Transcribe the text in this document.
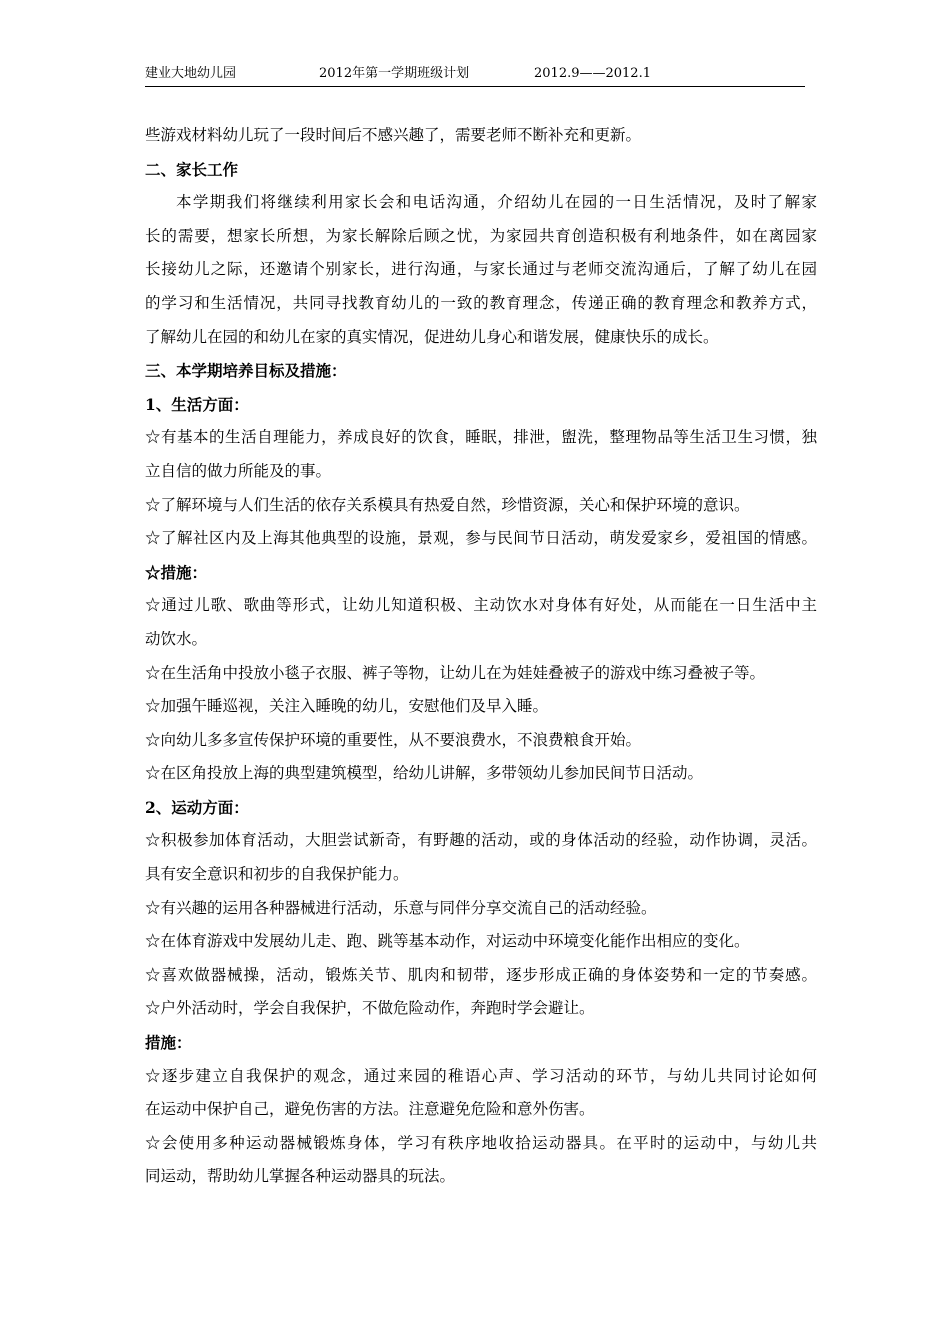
建业大地幼儿园	2012年第一学期班级计划	2012.9——2012.1
些游戏材料幼儿玩了一段时间后不感兴趣了，需要老师不断补充和更新。
二、家长工作
本学期我们将继续利用家长会和电话沟通，介绍幼儿在园的一日生活情况，及时了解家
长的需要，想家长所想，为家长解除后顾之忧，为家园共育创造积极有利地条件，如在离园家
长接幼儿之际，还邀请个别家长，进行沟通，与家长通过与老师交流沟通后，了解了幼儿在园
的学习和生活情况，共同寻找教育幼儿的一致的教育理念，传递正确的教育理念和教养方式，
了解幼儿在园的和幼儿在家的真实情况，促进幼儿身心和谐发展，健康快乐的成长。
三、本学期培养目标及措施：
1、生活方面：
☆有基本的生活自理能力，养成良好的饮食，睡眠，排泄，盥洗，整理物品等生活卫生习惯，独
立自信的做力所能及的事。
☆了解环境与人们生活的依存关系模具有热爱自然，珍惜资源，关心和保护环境的意识。
☆了解社区内及上海其他典型的设施，景观，参与民间节日活动，萌发爱家乡，爱祖国的情感。
☆措施：
☆通过儿歌、歌曲等形式，让幼儿知道积极、主动饮水对身体有好处，从而能在一日生活中主
动饮水。
☆在生活角中投放小毯子衣服、裤子等物，让幼儿在为娃娃叠被子的游戏中练习叠被子等。
☆加强午睡巡视，关注入睡晚的幼儿，安慰他们及早入睡。
☆向幼儿多多宣传保护环境的重要性，从不要浪费水，不浪费粮食开始。
☆在区角投放上海的典型建筑模型，给幼儿讲解，多带领幼儿参加民间节日活动。
2、运动方面：
☆积极参加体育活动，大胆尝试新奇，有野趣的活动，或的身体活动的经验，动作协调，灵活。
具有安全意识和初步的自我保护能力。
☆有兴趣的运用各种器械进行活动，乐意与同伴分享交流自己的活动经验。
☆在体育游戏中发展幼儿走、跑、跳等基本动作，对运动中环境变化能作出相应的变化。
☆喜欢做器械操，活动，锻炼关节、肌肉和韧带，逐步形成正确的身体姿势和一定的节奏感。
☆户外活动时，学会自我保护，不做危险动作，奔跑时学会避让。
措施：
☆逐步建立自我保护的观念，通过来园的稚语心声、学习活动的环节，与幼儿共同讨论如何
在运动中保护自己，避免伤害的方法。注意避免危险和意外伤害。
☆会使用多种运动器械锻炼身体，学习有秩序地收拾运动器具。在平时的运动中，与幼儿共
同运动，帮助幼儿掌握各种运动器具的玩法。
